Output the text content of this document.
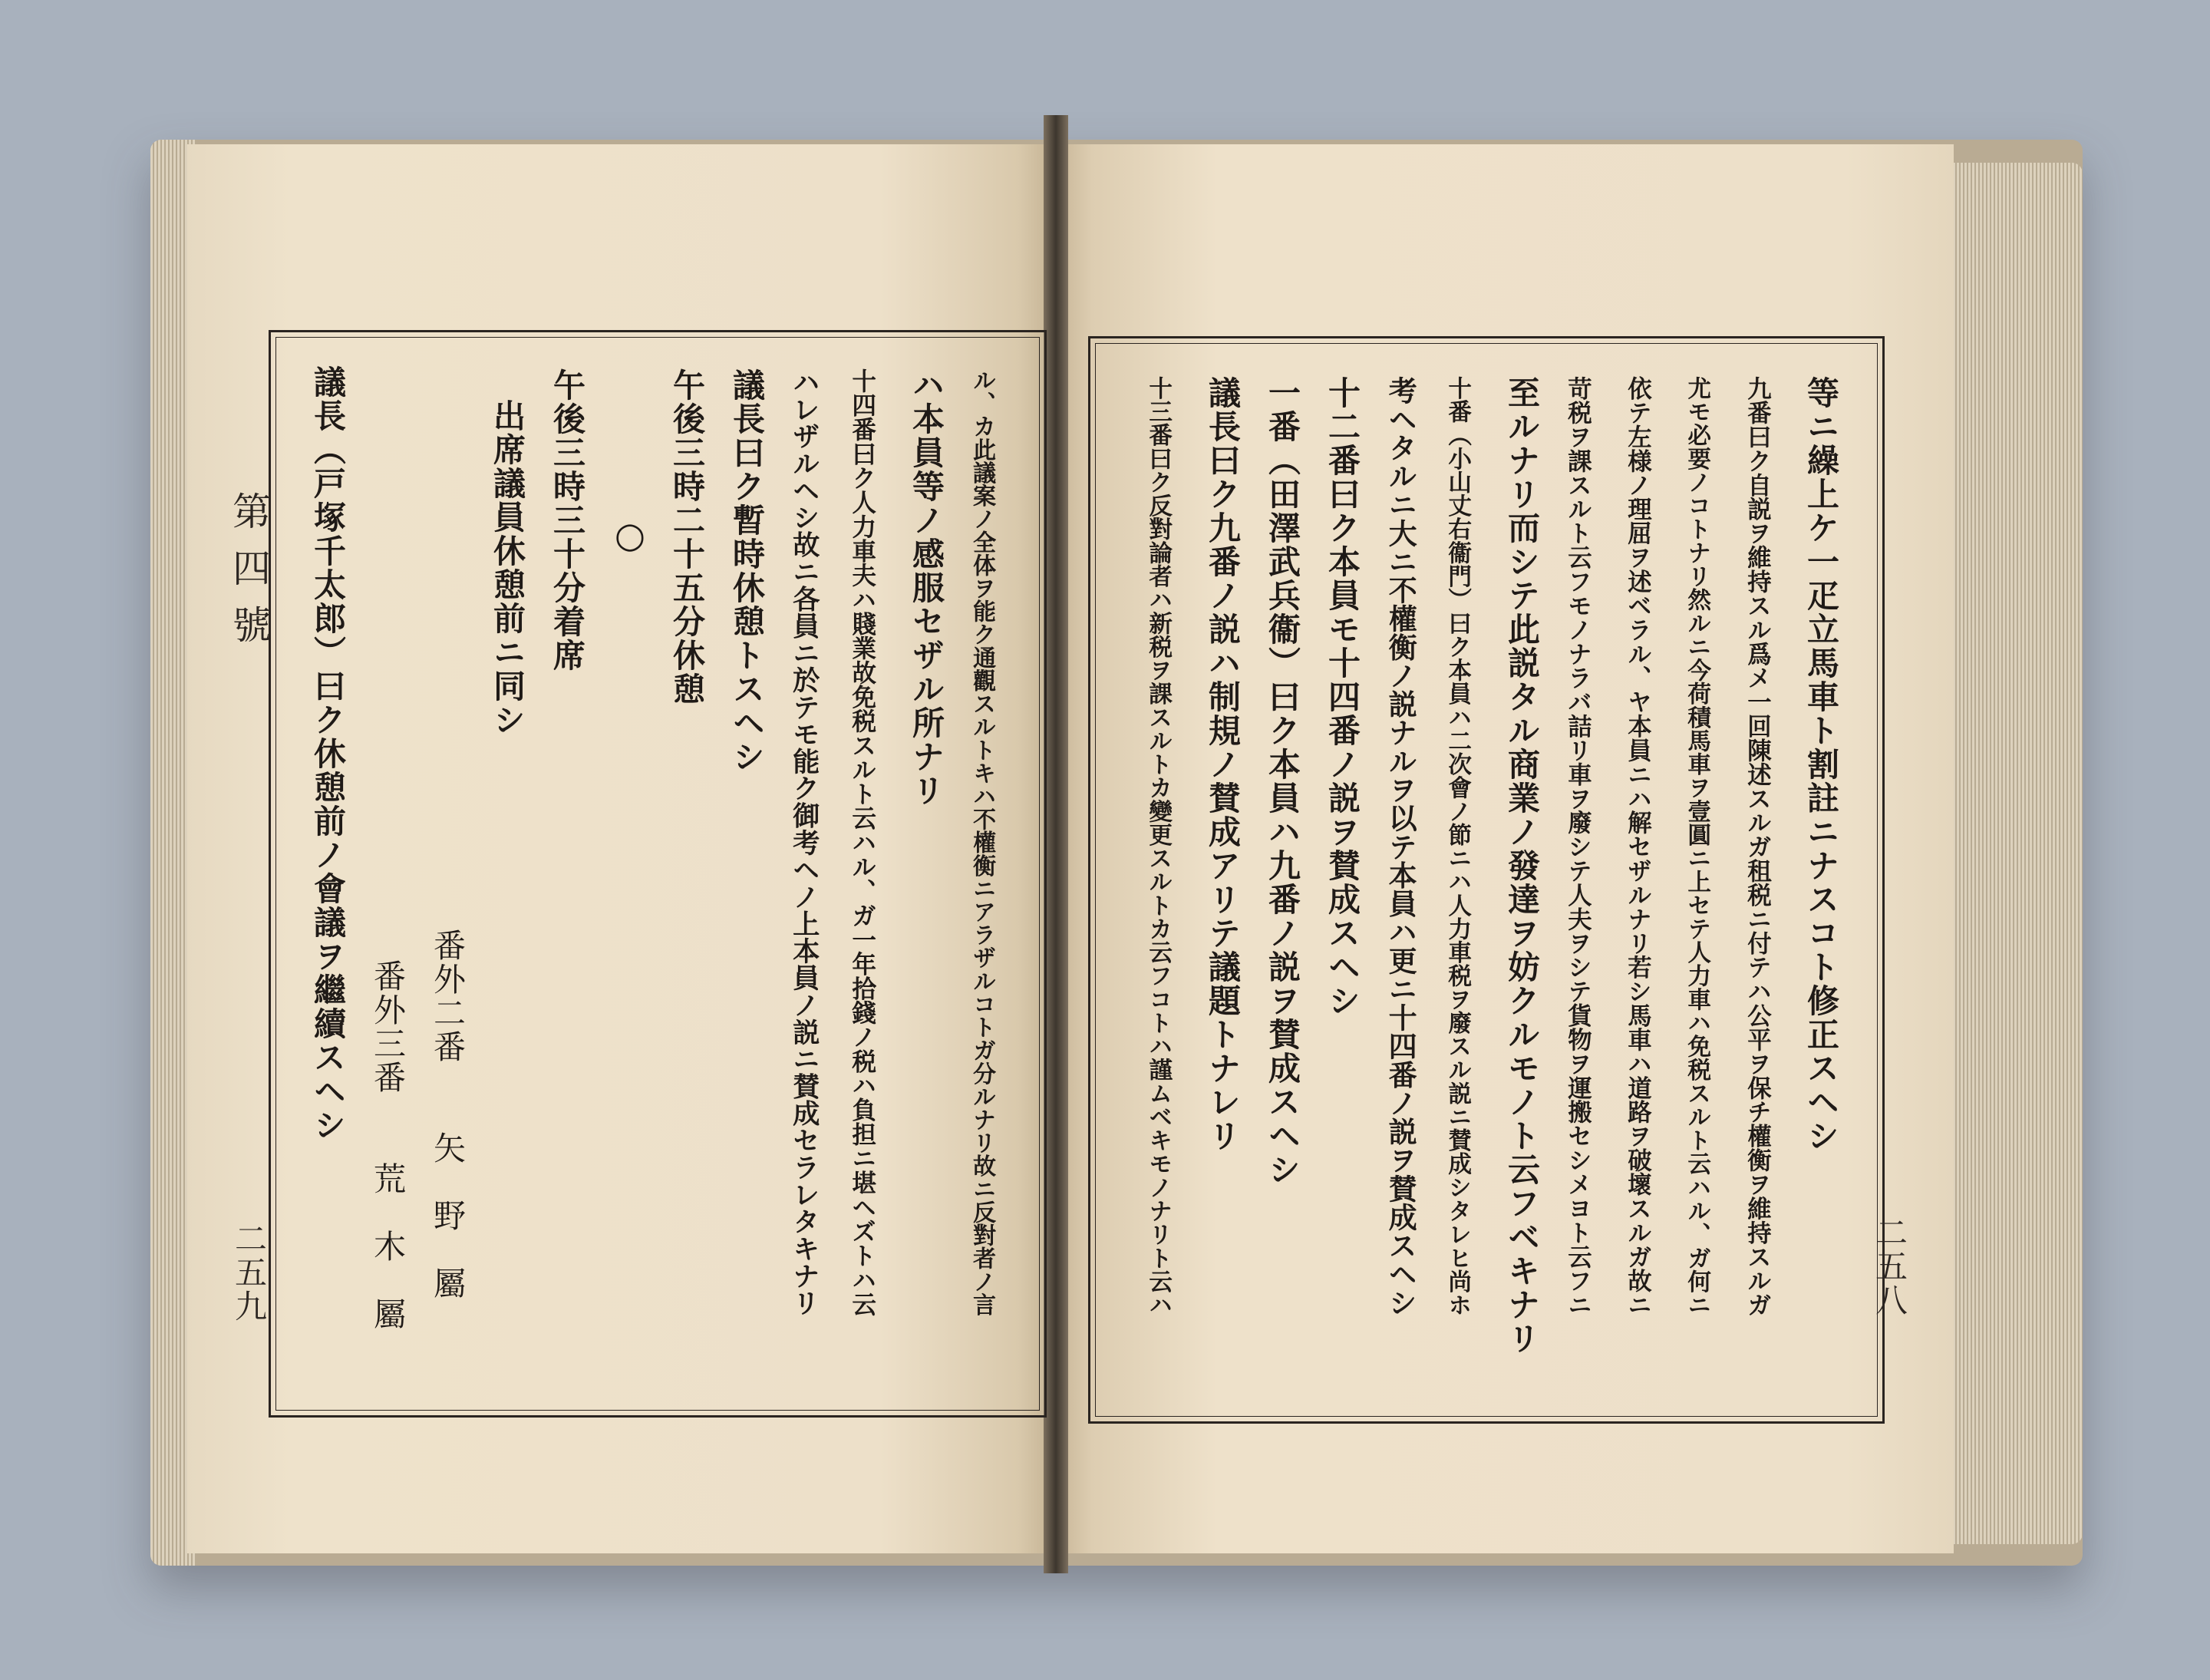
第四號
二五九	ル、カ此議案ノ全体ヲ能ク通觀スルトキハ不權衡ニアラザルコトガ分ルナリ故ニ反對者ノ言
ハ本員等ノ感服セザル所ナリ
十四番曰ク人力車夫ハ賤業故免税スルト云ハル、ガ一年拾錢ノ税ハ負担ニ堪ヘズトハ云
ハレザルヘシ故ニ各員ニ於テモ能ク御考ヘノ上本員ノ説ニ賛成セラレタキナリ
議長曰ク暫時休憩トスヘシ
午後三時二十五分休憩
○
午後三時三十分着席
出席議員休憩前ニ同シ
番外二番　　矢　野　屬
番外三番　　荒　木　屬
議長（戸塚千太郎）曰ク休憩前ノ會議ヲ繼續スヘシ
二五八
等ニ繰上ケ一疋立馬車ト割註ニナスコト修正スヘシ
九番曰ク自説ヲ維持スル爲メ一回陳述スルガ租税ニ付テハ公平ヲ保チ權衡ヲ維持スルガ
尤モ必要ノコトナリ然ルニ今荷積馬車ヲ壹圓ニ上セテ人力車ハ免税スルト云ハル、ガ何ニ
依テ左様ノ理屈ヲ述ベラル、ヤ本員ニハ解セザルナリ若シ馬車ハ道路ヲ破壞スルガ故ニ
苛税ヲ課スルト云フモノナラバ詰リ車ヲ廢シテ人夫ヲシテ貨物ヲ運搬セシメヨト云フニ
至ルナリ而シテ此説タル商業ノ發達ヲ妨クルモノト云フベキナリ
十番（小山丈右衞門）曰ク本員ハ二次會ノ節ニハ人力車税ヲ廢スル説ニ賛成シタレヒ尚ホ
考ヘタルニ大ニ不權衡ノ説ナルヲ以テ本員ハ更ニ十四番ノ説ヲ賛成スヘシ
十二番曰ク本員モ十四番ノ説ヲ賛成スヘシ
一番（田澤武兵衞）曰ク本員ハ九番ノ説ヲ賛成スヘシ
議長曰ク九番ノ説ハ制規ノ賛成アリテ議題トナレリ
十三番曰ク反對論者ハ新税ヲ課スルトカ變更スルトカ云フコトハ謹ムベキモノナリト云ハ
